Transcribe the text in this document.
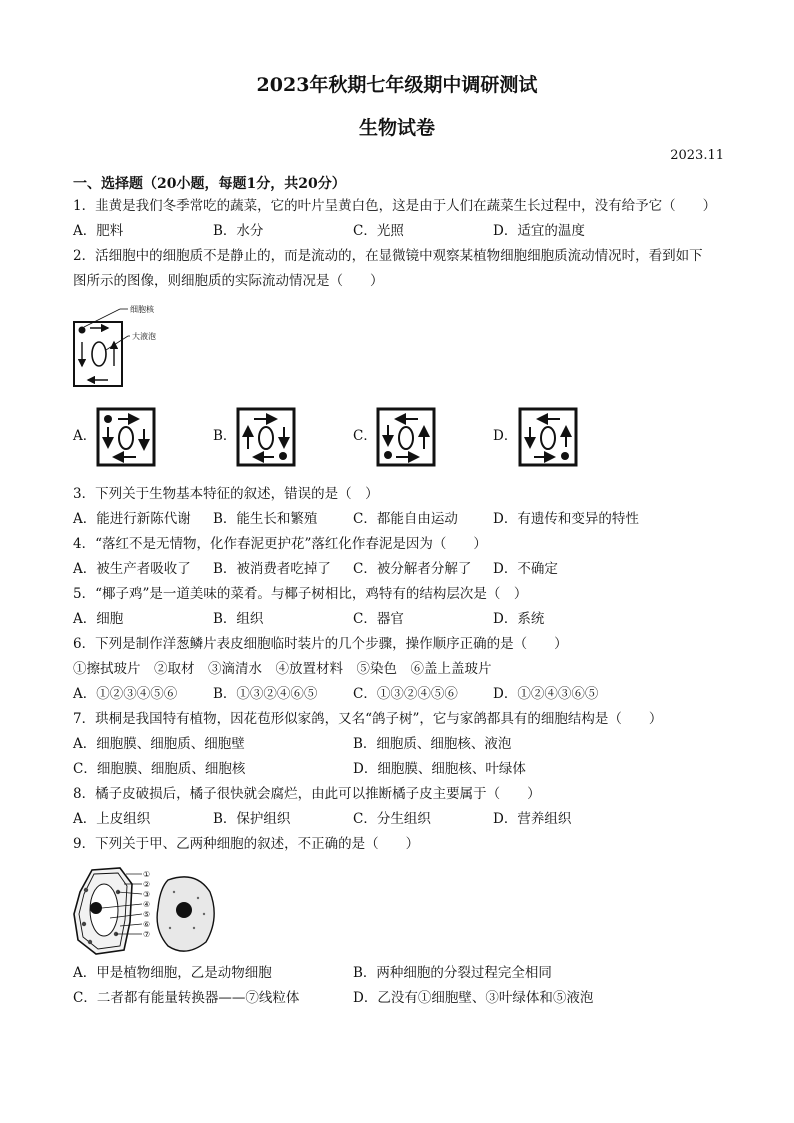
2023年秋期七年级期中调研测试
生物试卷
2023.11
一、选择题（20小题，每题1分，共20分）
1．韭黄是我们冬季常吃的蔬菜，它的叶片呈黄白色，这是由于人们在蔬菜生长过程中，没有给予它（　　）
A．肥料	B．水分	C．光照	D．适宜的温度
2．活细胞中的细胞质不是静止的，而是流动的，在显微镜中观察某植物细胞细胞质流动情况时，看到如下
图所示的图像，则细胞质的实际流动情况是（　　）
细胞核
大液泡
A．	B．	C．	D．
3．下列关于生物基本特征的叙述，错误的是（　）
A．能进行新陈代谢 B．能生长和繁殖	C．都能自由运动	D．有遗传和变异的特性
4．“落红不是无情物，化作春泥更护花”落红化作春泥是因为（　　）
A．被生产者吸收了 B．被消费者吃掉了 C．被分解者分解了 D．不确定
5．“椰子鸡”是一道美味的菜肴。与椰子树相比，鸡特有的结构层次是（　）
A．细胞	B．组织	C．器官	D．系统
6．下列是制作洋葱鳞片表皮细胞临时装片的几个步骤，操作顺序正确的是（　　）
①擦拭玻片　②取材　③滴清水　④放置材料　⑤染色　⑥盖上盖玻片
A．①②③④⑤⑥	B．①③②④⑥⑤	C．①③②④⑤⑥	D．①②④③⑥⑤
7．珙桐是我国特有植物，因花苞形似家鸽，又名“鸽子树”，它与家鸽都具有的细胞结构是（　　）
A．细胞膜、细胞质、细胞壁	B．细胞质、细胞核、液泡
C．细胞膜、细胞质、细胞核	D．细胞膜、细胞核、叶绿体
8．橘子皮破损后，橘子很快就会腐烂，由此可以推断橘子皮主要属于（　　）
A．上皮组织	B．保护组织	C．分生组织	D．营养组织
9．下列关于甲、乙两种细胞的叙述，不正确的是（　　）
①
②
③
④
⑤
⑥
⑦
A．甲是植物细胞，乙是动物细胞	B．两种细胞的分裂过程完全相同
C．二者都有能量转换器——⑦线粒体	D．乙没有①细胞壁、③叶绿体和⑤液泡
